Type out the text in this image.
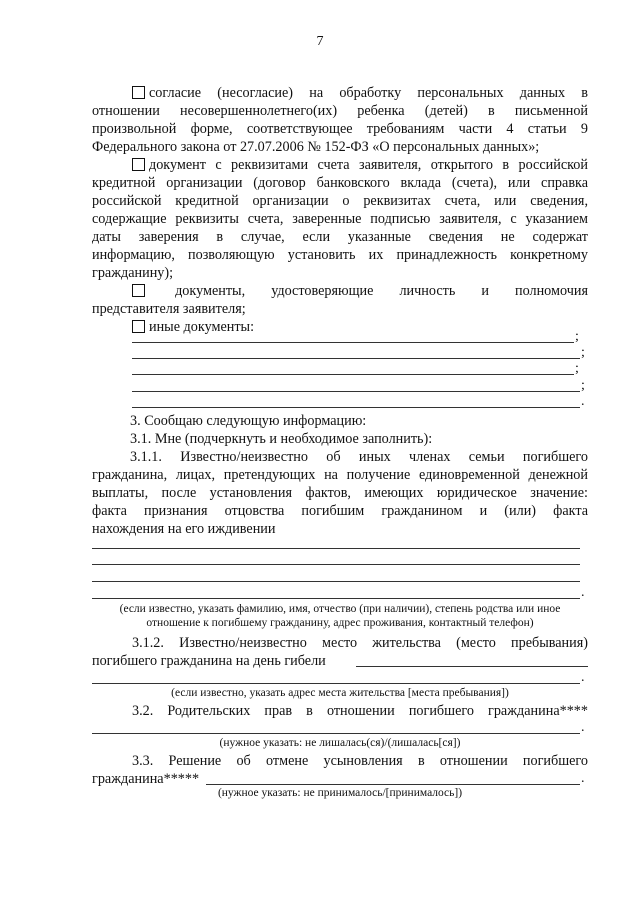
7
согласие (несогласие) на обработку персональных данных в
отношении несовершеннолетнего(их) ребенка (детей) в письменной
произвольной форме, соответствующее требованиям части 4 статьи 9
Федерального закона от 27.07.2006 № 152-ФЗ «О персональных данных»;
документ с реквизитами счета заявителя, открытого в российской
кредитной организации (договор банковского вклада (счета), или справка
российской кредитной организации о реквизитах счета, или сведения,
содержащие реквизиты счета, заверенные подписью заявителя, с указанием
даты заверения в случае, если указанные сведения не содержат
информацию, позволяющую установить их принадлежность конкретному
гражданину);
документы, удостоверяющие личность и полномочия
представителя заявителя;
иные документы:
;
;
;
;
.
3. Сообщаю следующую информацию:
3.1. Мне (подчеркнуть и необходимое заполнить):
3.1.1. Известно/неизвестно об иных членах семьи погибшего
гражданина, лицах, претендующих на получение единовременной денежной
выплаты, после установления фактов, имеющих юридическое значение:
факта признания отцовства погибшим гражданином и (или) факта
нахождения на его иждивении
.
(если известно, указать фамилию, имя, отчество (при наличии), степень родства или иное
отношение к погибшему гражданину, адрес проживания, контактный телефон)
3.1.2. Известно/неизвестно место жительства (место пребывания)
погибшего гражданина на день гибели
.
(если известно, указать адрес места жительства [места пребывания])
3.2. Родительских прав в отношении погибшего гражданина****
.
(нужное указать: не лишалась(ся)/(лишалась[ся])
3.3. Решение об отмене усыновления в отношении погибшего
гражданина*****	.
(нужное указать: не принималось/[принималось])
